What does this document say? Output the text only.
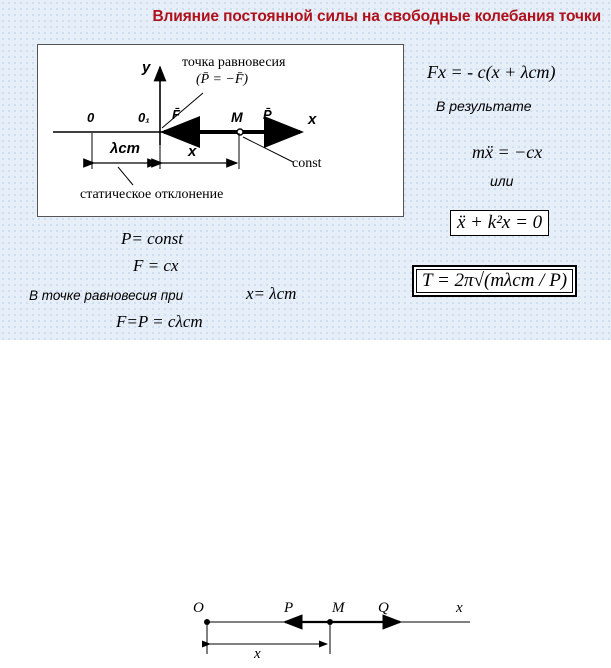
Влияние постоянной силы на свободные колебания точки
y точка равновесия
(P̄ = −F̄)
0	0₁ F̄	M P̄ x
λст	x
const
статическое отклонение
P= const
F = cx
В точке равновесия при	x= λст
F=P = cλст
Fx = - c(x + λст)
В результате
mẍ = −cx
или
ẍ + k²x = 0
T = 2π√(mλcm / P)
O	P	M Q	x
x
